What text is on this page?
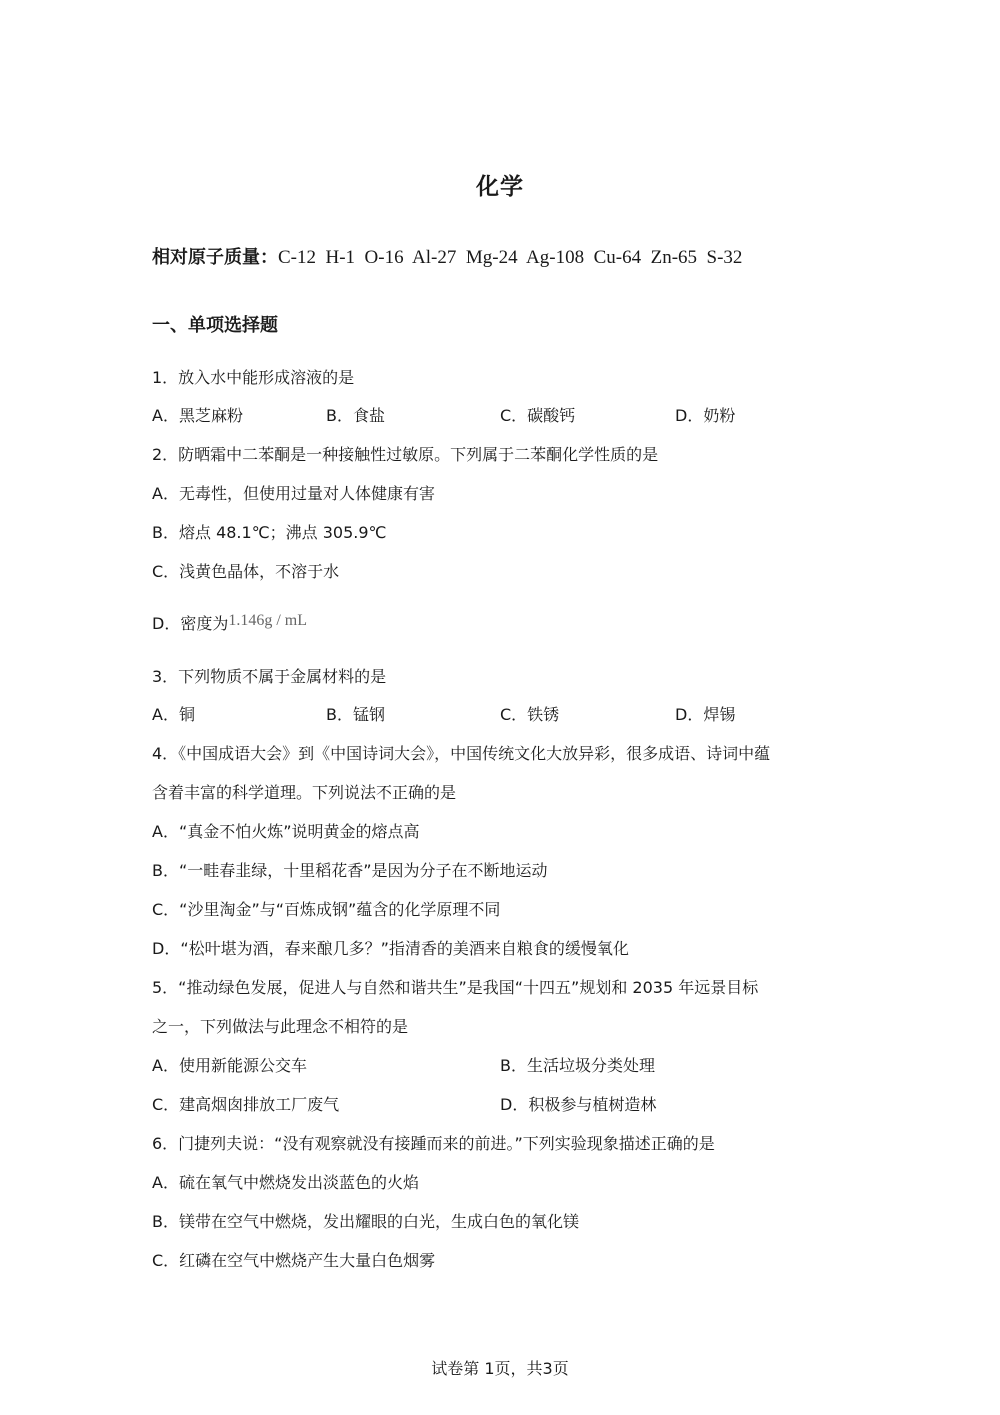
化学
相对原子质量：C-12  H-1  O-16  Al-27  Mg-24  Ag-108  Cu-64  Zn-65  S-32
一、单项选择题
1．放入水中能形成溶液的是
A．黑芝麻粉	B．食盐	C．碳酸钙	D．奶粉
2．防晒霜中二苯酮是一种接触性过敏原。下列属于二苯酮化学性质的是
A．无毒性，但使用过量对人体健康有害
B．熔点 48.1℃；沸点 305.9℃
C．浅黄色晶体，不溶于水
D．密度为1.146g / mL
3．下列物质不属于金属材料的是
A．铜	B．锰钢	C．铁锈	D．焊锡
4．《中国成语大会》到《中国诗词大会》，中国传统文化大放异彩，很多成语、诗词中蕴
含着丰富的科学道理。下列说法不正确的是
A．“真金不怕火炼”说明黄金的熔点高
B．“一畦春韭绿，十里稻花香”是因为分子在不断地运动
C．“沙里淘金”与“百炼成钢”蕴含的化学原理不同
D．“松叶堪为酒，春来酿几多？”指清香的美酒来自粮食的缓慢氧化
5．“推动绿色发展，促进人与自然和谐共生”是我国“十四五”规划和 2035 年远景目标
之一，下列做法与此理念不相符的是
A．使用新能源公交车	B．生活垃圾分类处理
C．建高烟囱排放工厂废气	D．积极参与植树造林
6．门捷列夫说：“没有观察就没有接踵而来的前进。”下列实验现象描述正确的是
A．硫在氧气中燃烧发出淡蓝色的火焰
B．镁带在空气中燃烧，发出耀眼的白光，生成白色的氧化镁
C．红磷在空气中燃烧产生大量白色烟雾
试卷第 1页，共3页
